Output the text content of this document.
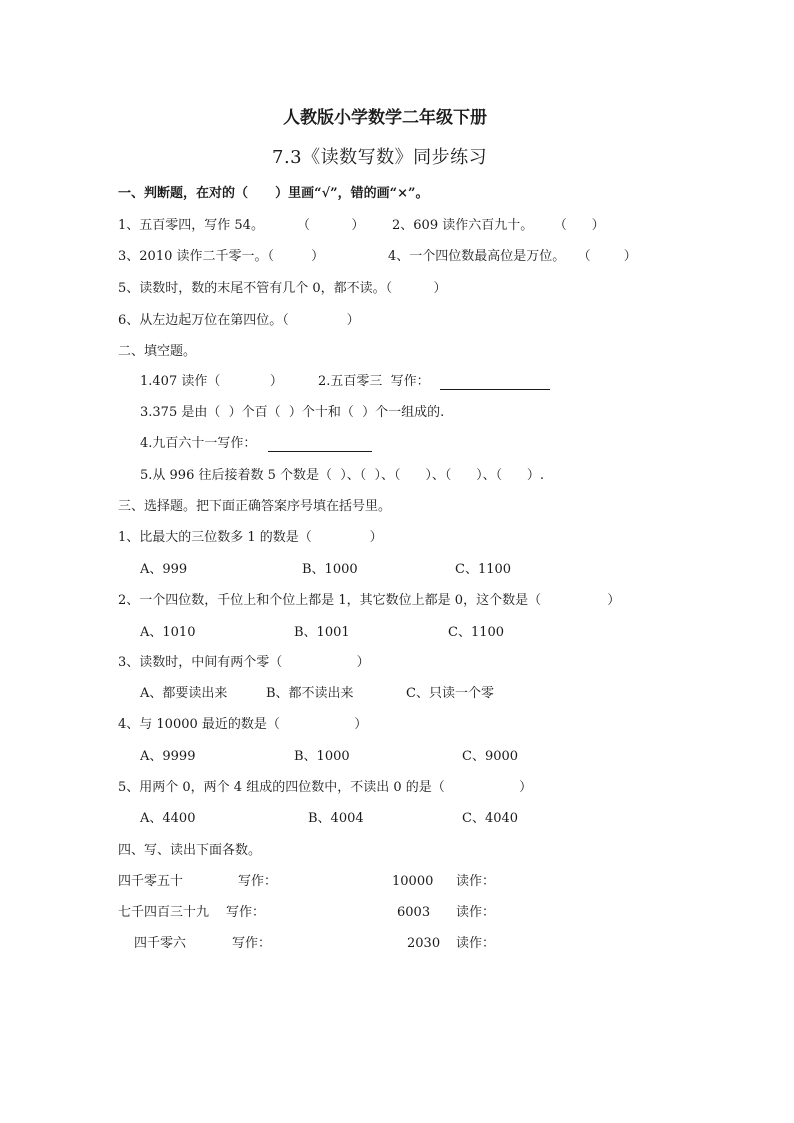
人教版小学数学二年级下册
7.3《读数写数》同步练习
一、判断题，在对的（      ）里画“√”，错的画“×”。
1、五百零四，写作 54。        （          ） 2、609 读作六百九十。     （      ）
3、2010 读作二千零一。（         ）	4、一个四位数最高位是万位。   （        ）
5、读数时，数的末尾不管有几个 0，都不读。（          ）
6、从左边起万位在第四位。（              ）
二、填空题。
1.407 读作（            ）	2.五百零三  写作：
3.375 是由（  ）个百（  ）个十和（  ）个一组成的.
4.九百六十一写作：
5.从 996 往后接着数 5 个数是（  ）、（  ）、（      ）、（      ）、（      ）.
三、选择题。把下面正确答案序号填在括号里。
1、比最大的三位数多 1 的数是（              ）
A、999	B、1000	C、1100
2、一个四位数，千位上和个位上都是 1，其它数位上都是 0，这个数是（                ）
A、1010	B、1001	C、1100
3、读数时，中间有两个零（                  ）
A、都要读出来	B、都不读出来	C、只读一个零
4、与 10000 最近的数是（                  ）
A、9999	B、1000	C、9000
5、用两个 0，两个 4 组成的四位数中，不读出 0 的是（                  ）
A、4400	B、4004	C、4040
四、写、读出下面各数。
四千零五十	写作：	10000 读作：
七千四百三十九 写作：	6003 读作：
四千零六	写作：	2030 读作：
